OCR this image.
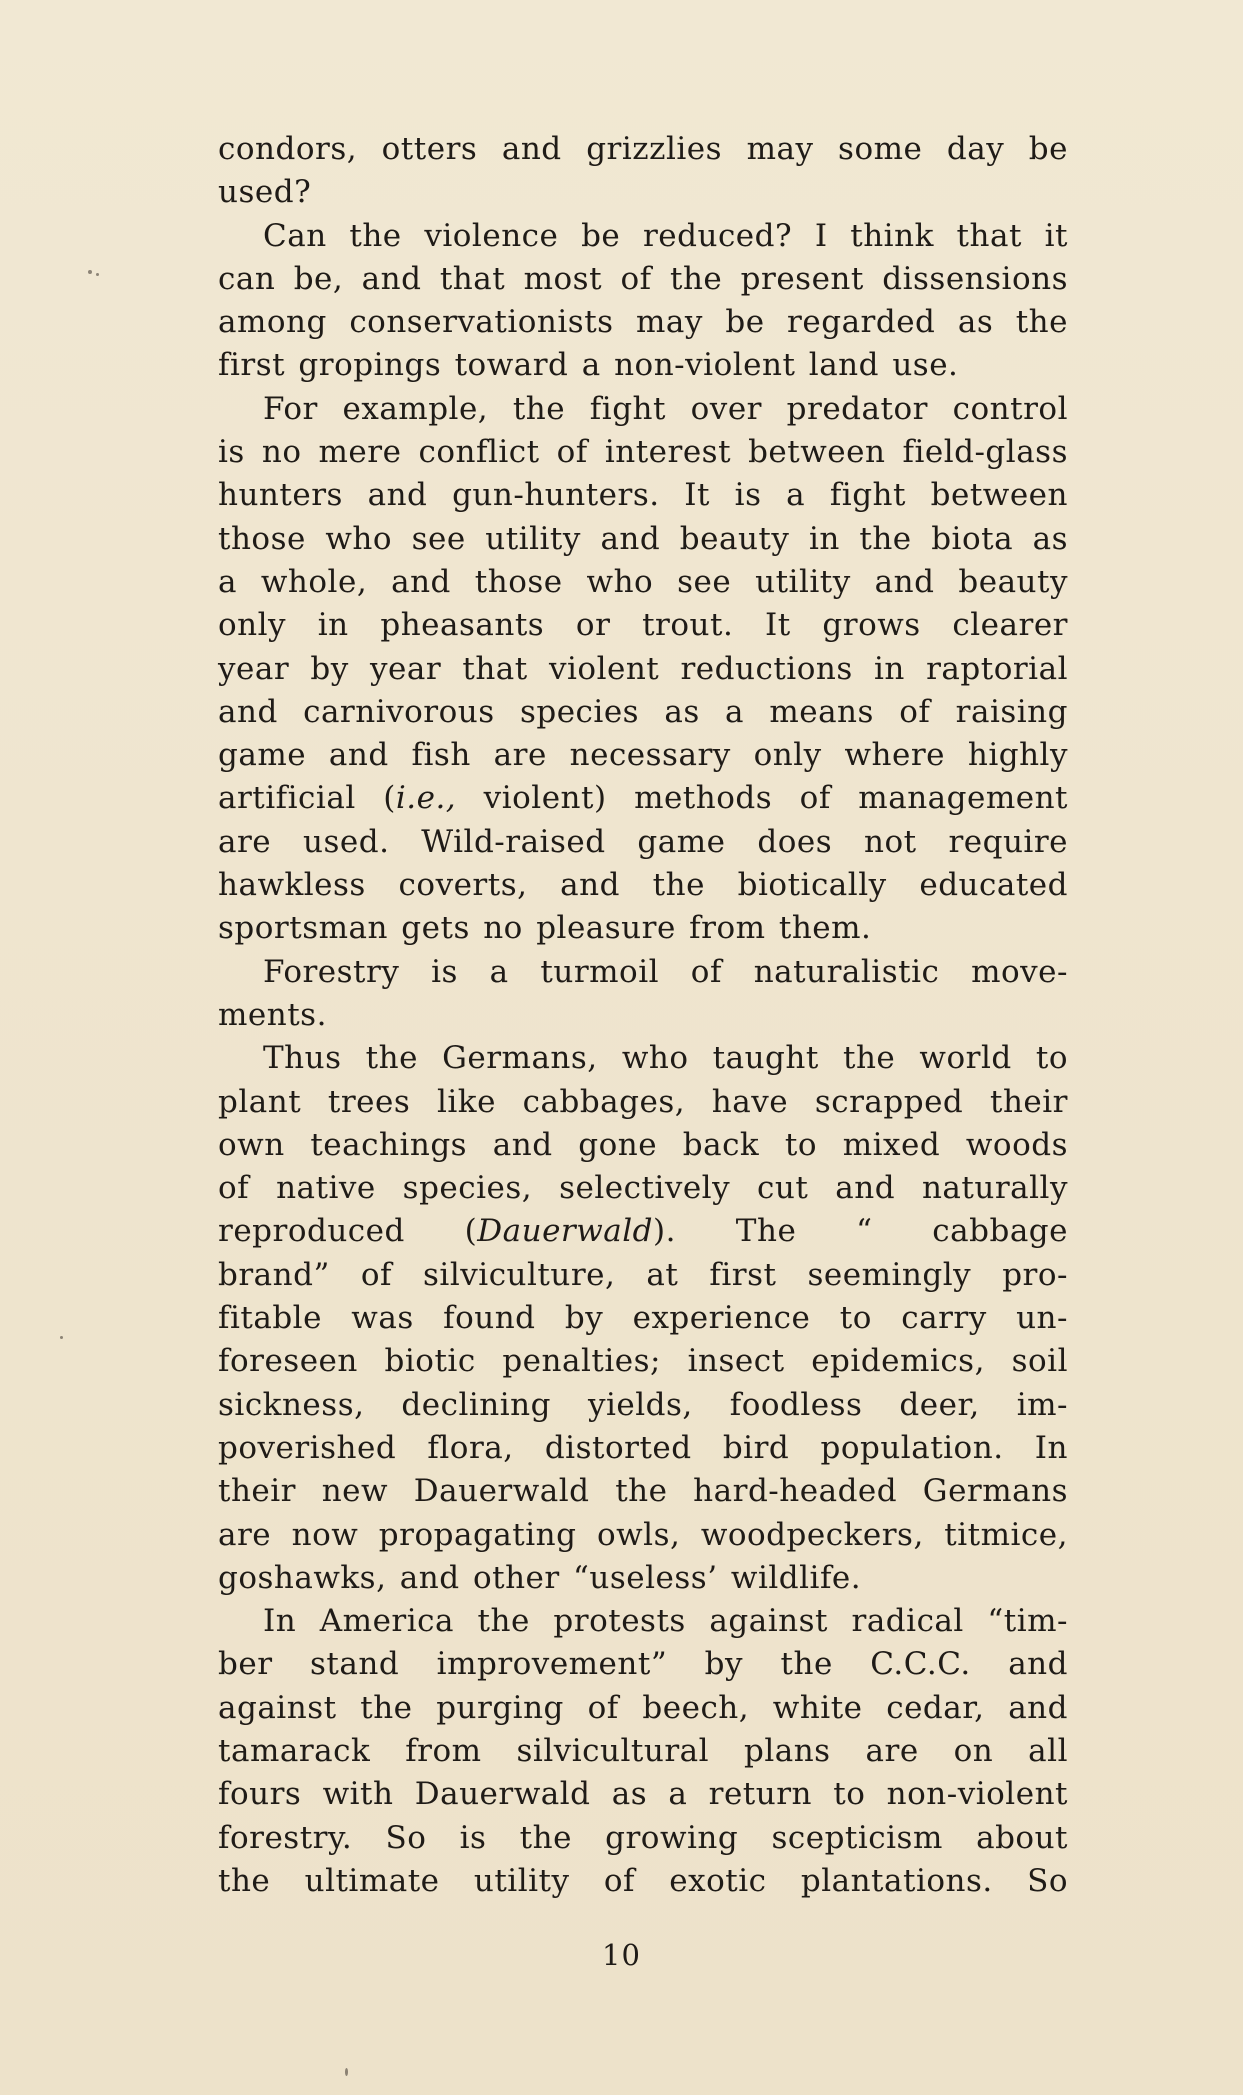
condors, otters and grizzlies may some day be
used?
Can the violence be reduced? I think that it
can be, and that most of the present dissensions
among conservationists may be regarded as the
first gropings toward a non-violent land use.
For example, the fight over predator control
is no mere conflict of interest between field-glass
hunters and gun-hunters. It is a fight between
those who see utility and beauty in the biota as
a whole, and those who see utility and beauty
only in pheasants or trout. It grows clearer
year by year that violent reductions in raptorial
and carnivorous species as a means of raising
game and fish are necessary only where highly
artificial (i.e., violent) methods of management
are used. Wild-raised game does not require
hawkless coverts, and the biotically educated
sportsman gets no pleasure from them.
Forestry is a turmoil of naturalistic move-
ments.
Thus the Germans, who taught the world to
plant trees like cabbages, have scrapped their
own teachings and gone back to mixed woods
of native species, selectively cut and naturally
reproduced (Dauerwald). The “ cabbage
brand” of silviculture, at first seemingly pro-
fitable was found by experience to carry un-
foreseen biotic penalties; insect epidemics, soil
sickness, declining yields, foodless deer, im-
poverished flora, distorted bird population. In
their new Dauerwald the hard-headed Germans
are now propagating owls, woodpeckers, titmice,
goshawks, and other “useless’ wildlife.
In America the protests against radical “tim-
ber stand improvement” by the C.C.C. and
against the purging of beech, white cedar, and
tamarack from silvicultural plans are on all
fours with Dauerwald as a return to non-violent
forestry. So is the growing scepticism about
the ultimate utility of exotic plantations. So
10
